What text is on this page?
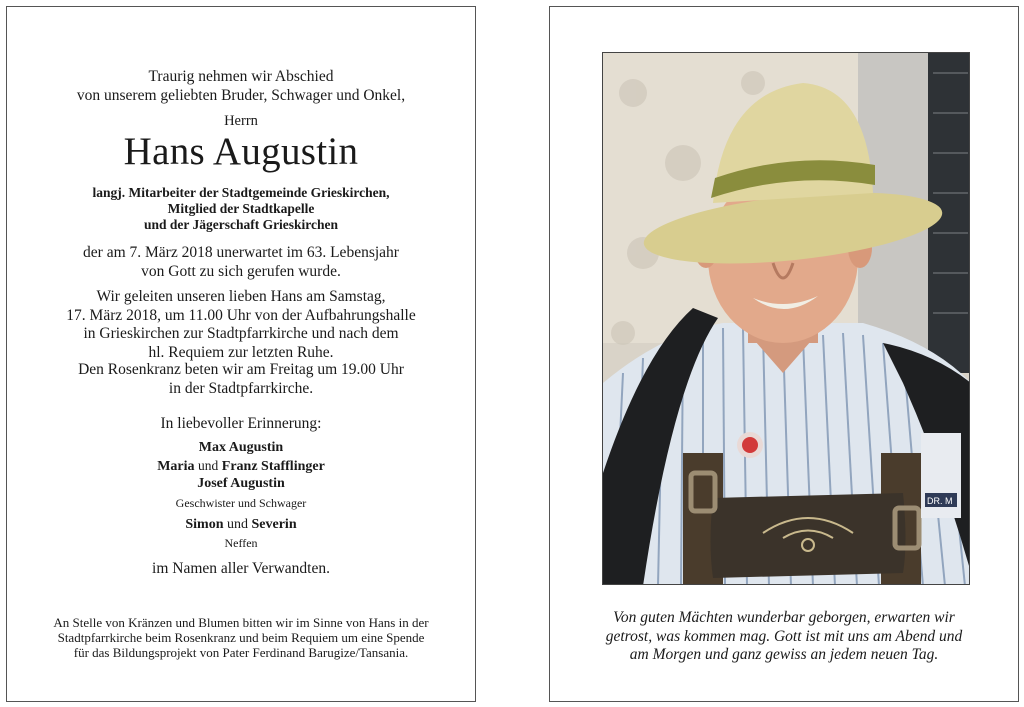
Traurig nehmen wir Abschied

von unserem geliebten Bruder, Schwager und Onkel,

Herrn
Hans Augustin

langj. Mitarbeiter der Stadtgemeinde Grieskirchen,

Mitglied der Stadtkapelle

und der Jägerschaft Grieskirchen

der am 7. März 2018 unerwartet im 63. Lebensjahr

von Gott zu sich gerufen wurde.

Wir geleiten unseren lieben Hans am Samstag,

17. März 2018, um 11.00 Uhr von der Aufbahrungshalle

in Grieskirchen zur Stadtpfarrkirche und nach dem

hl. Requiem zur letzten Ruhe.

Den Rosenkranz beten wir am Freitag um 19.00 Uhr

in der Stadtpfarrkirche.

In liebevoller Erinnerung:

Max Augustin

Maria und Franz Stafflinger

Josef Augustin

Geschwister und Schwager

Simon und Severin

Neffen

im Namen aller Verwandten.

An Stelle von Kränzen und Blumen bitten wir im Sinne von Hans in der

Stadtpfarrkirche beim Rosenkranz und beim Requiem um eine Spende

für das Bildungsprojekt von Pater Ferdinand Barugize/Tansania.

DR. M

Von guten Mächten wunderbar geborgen, erwarten wir

getrost, was kommen mag. Gott ist mit uns am Abend und

am Morgen und ganz gewiss an jedem neuen Tag.
